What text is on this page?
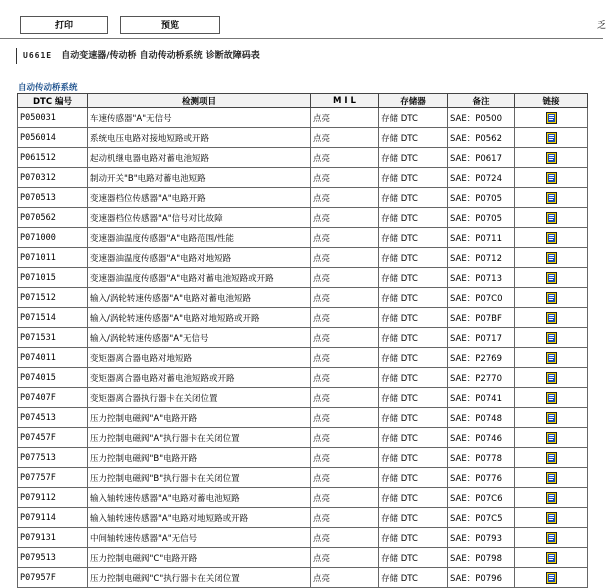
打印	预览	乏
U661E 自动变速器/传动桥 自动传动桥系统 诊断故障码表
自动传动桥系统
DTC 编号	检测项目	M I L	存储器	备注	链接
P050031	车速传感器"A"无信号	点亮	存储 DTC	SAE：P0500	
P056014	系统电压电路对接地短路或开路	点亮	存储 DTC	SAE：P0562	
P061512	起动机继电器电路对蓄电池短路	点亮	存储 DTC	SAE：P0617	
P070312	制动开关"B"电路对蓄电池短路	点亮	存储 DTC	SAE：P0724	
P070513	变速器档位传感器"A"电路开路	点亮	存储 DTC	SAE：P0705	
P070562	变速器档位传感器"A"信号对比故障	点亮	存储 DTC	SAE：P0705	
P071000	变速器油温度传感器"A"电路范围/性能	点亮	存储 DTC	SAE：P0711	
P071011	变速器油温度传感器"A"电路对地短路	点亮	存储 DTC	SAE：P0712	
P071015	变速器油温度传感器"A"电路对蓄电池短路或开路	点亮	存储 DTC	SAE：P0713	
P071512	输入/涡轮转速传感器"A"电路对蓄电池短路	点亮	存储 DTC	SAE：P07C0	
P071514	输入/涡轮转速传感器"A"电路对地短路或开路	点亮	存储 DTC	SAE：P07BF	
P071531	输入/涡轮转速传感器"A"无信号	点亮	存储 DTC	SAE：P0717	
P074011	变矩器离合器电路对地短路	点亮	存储 DTC	SAE：P2769	
P074015	变矩器离合器电路对蓄电池短路或开路	点亮	存储 DTC	SAE：P2770	
P07407F	变矩器离合器执行器卡在关闭位置	点亮	存储 DTC	SAE：P0741	
P074513	压力控制电磁阀"A"电路开路	点亮	存储 DTC	SAE：P0748	
P07457F	压力控制电磁阀"A"执行器卡在关闭位置	点亮	存储 DTC	SAE：P0746	
P077513	压力控制电磁阀"B"电路开路	点亮	存储 DTC	SAE：P0778	
P07757F	压力控制电磁阀"B"执行器卡在关闭位置	点亮	存储 DTC	SAE：P0776	
P079112	输入轴转速传感器"A"电路对蓄电池短路	点亮	存储 DTC	SAE：P07C6	
P079114	输入轴转速传感器"A"电路对地短路或开路	点亮	存储 DTC	SAE：P07C5	
P079131	中间轴转速传感器"A"无信号	点亮	存储 DTC	SAE：P0793	
P079513	压力控制电磁阀"C"电路开路	点亮	存储 DTC	SAE：P0798	
P07957F	压力控制电磁阀"C"执行器卡在关闭位置	点亮	存储 DTC	SAE：P0796	
